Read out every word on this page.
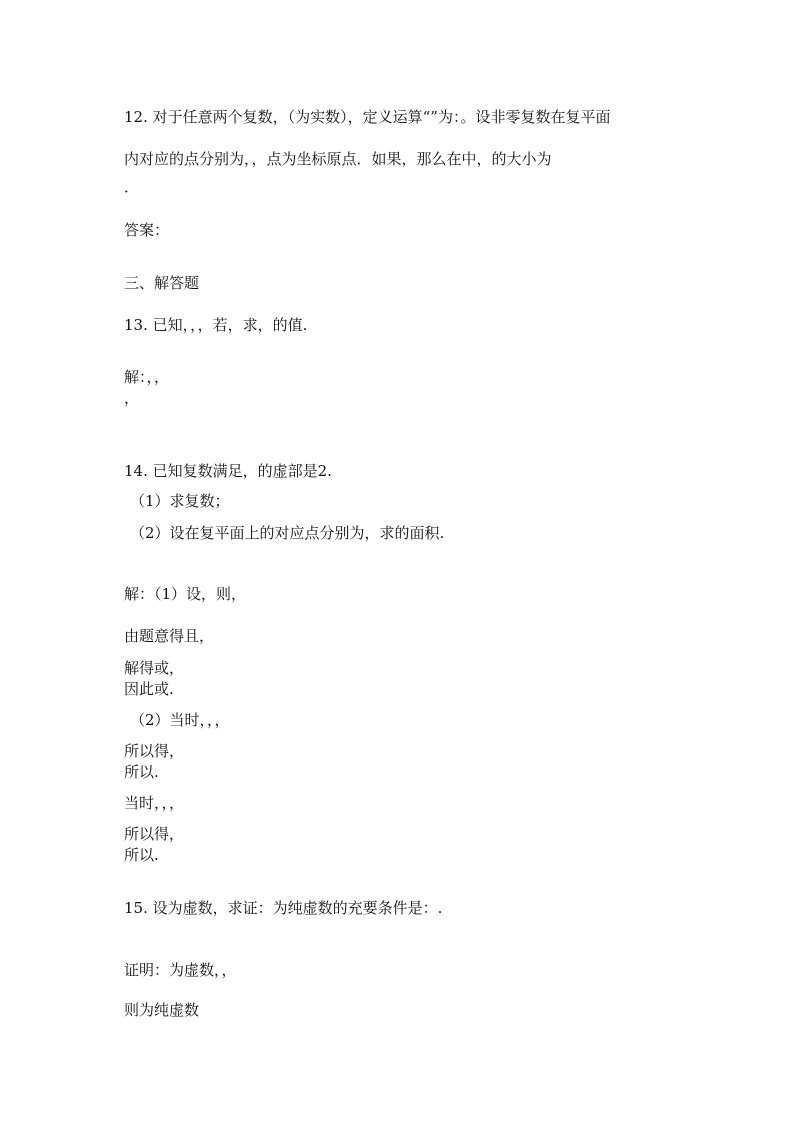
12. 对于任意两个复数，（为实数），定义运算“”为：。设非零复数在复平面
内对应的点分别为，，点为坐标原点．如果，那么在中，的大小为
．
答案：
三、解答题
13. 已知，，，若，求，的值.
解：，，
，
14. 已知复数满足，的虚部是2.
（1）求复数；
（2）设在复平面上的对应点分别为，求的面积.
解：（1）设，则，
由题意得且，
解得或，
因此或.
（2）当时，，，
所以得，
所以.
当时，，，
所以得，
所以.
15. 设为虚数，求证：为纯虚数的充要条件是：.
证明：为虚数，，
则为纯虚数
